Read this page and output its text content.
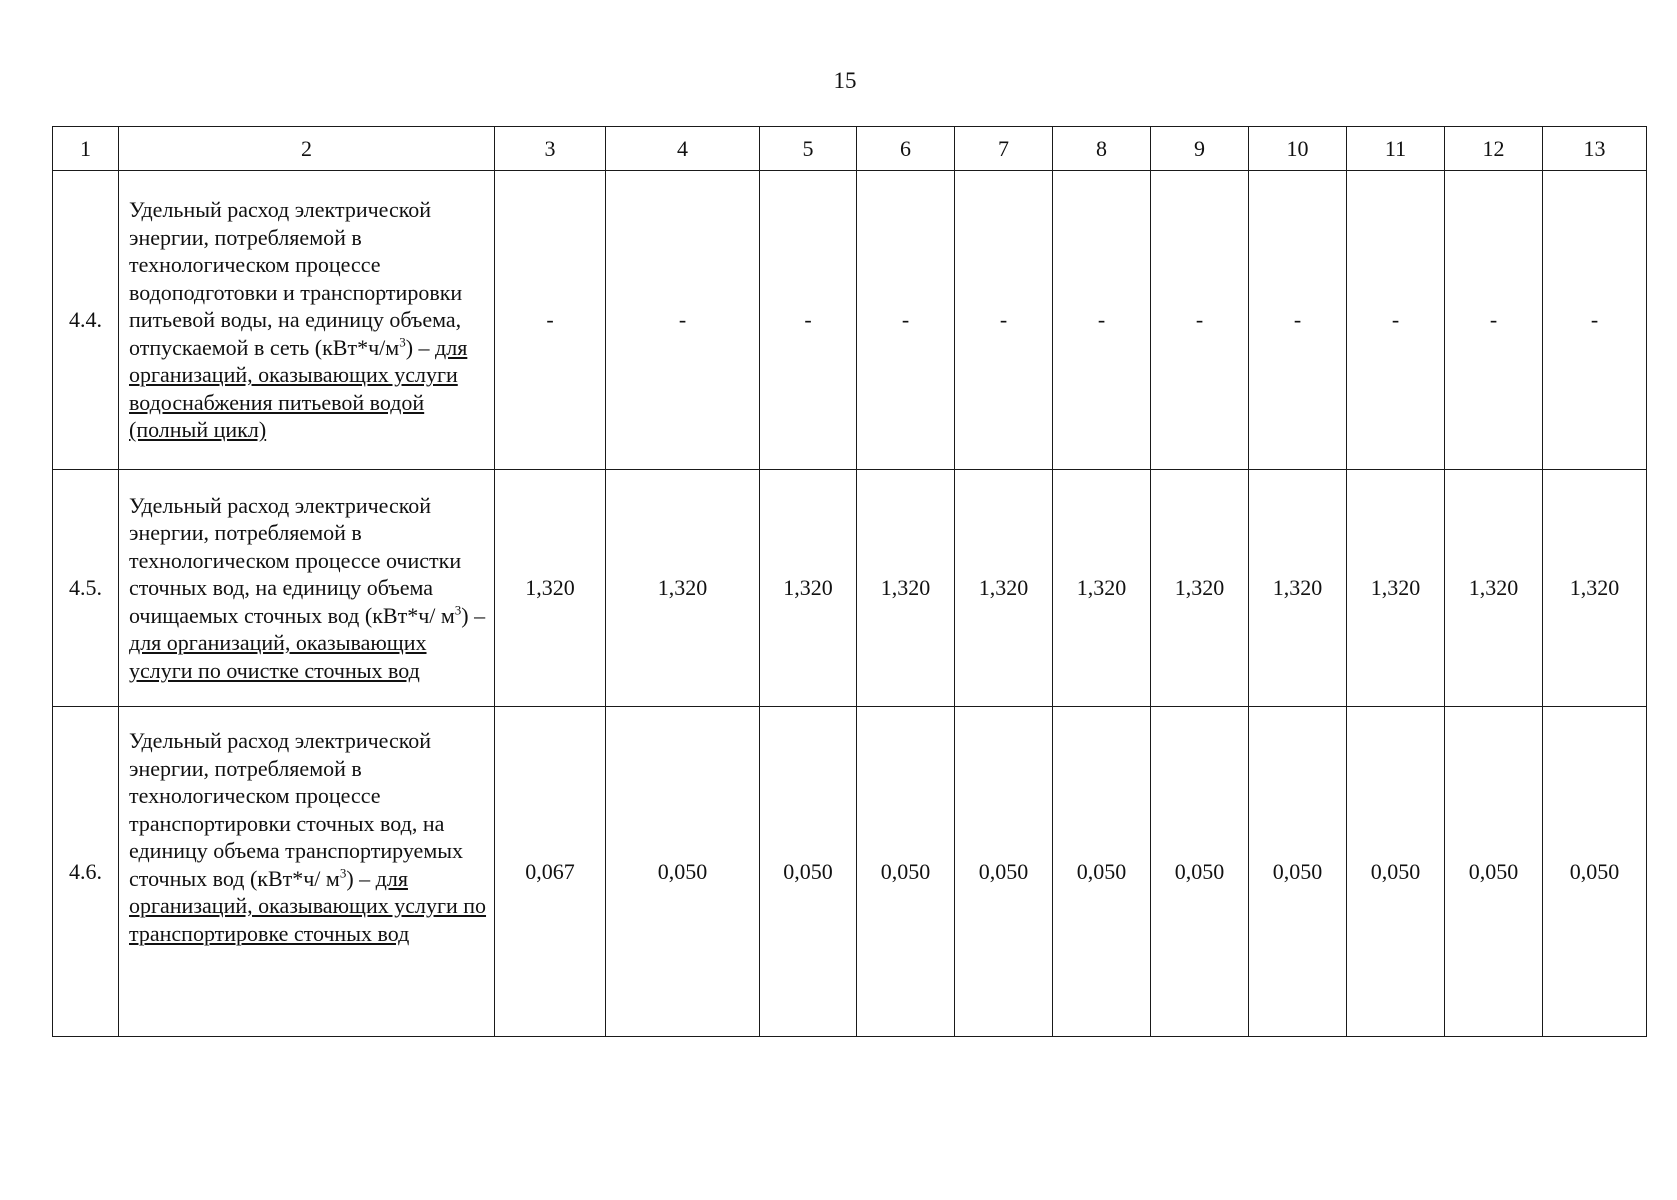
15
1	2	3	4	5	6	7	8	9	10	11	12	13
4.4.	Удельный расход электрической энергии, потребляемой в технологическом процессе водоподготовки и транспортировки питьевой воды, на единицу объема, отпускаемой в сеть $(кВт*ч/м^3)$ – для организаций, оказывающих услуги водоснабжения питьевой водой (полный цикл)	-	-	-	-	-	-	-	-	-	-	-
4.5.	Удельный расход электрической энергии, потребляемой в технологическом процессе очистки сточных вод, на единицу объема очищаемых сточных вод (кВт*ч/ $м^3$) – для организаций, оказывающих услуги по очистке сточных вод	1,320	1,320	1,320	1,320	1,320	1,320	1,320	1,320	1,320	1,320	1,320
4.6.	Удельный расход электрической энергии, потребляемой в технологическом процессе транспортировки сточных вод, на единицу объема транспортируемых сточных вод (кВт*ч/ $м^3$) – для организаций, оказывающих услуги по транспортировке сточных вод	0,067	0,050	0,050	0,050	0,050	0,050	0,050	0,050	0,050	0,050	0,050
